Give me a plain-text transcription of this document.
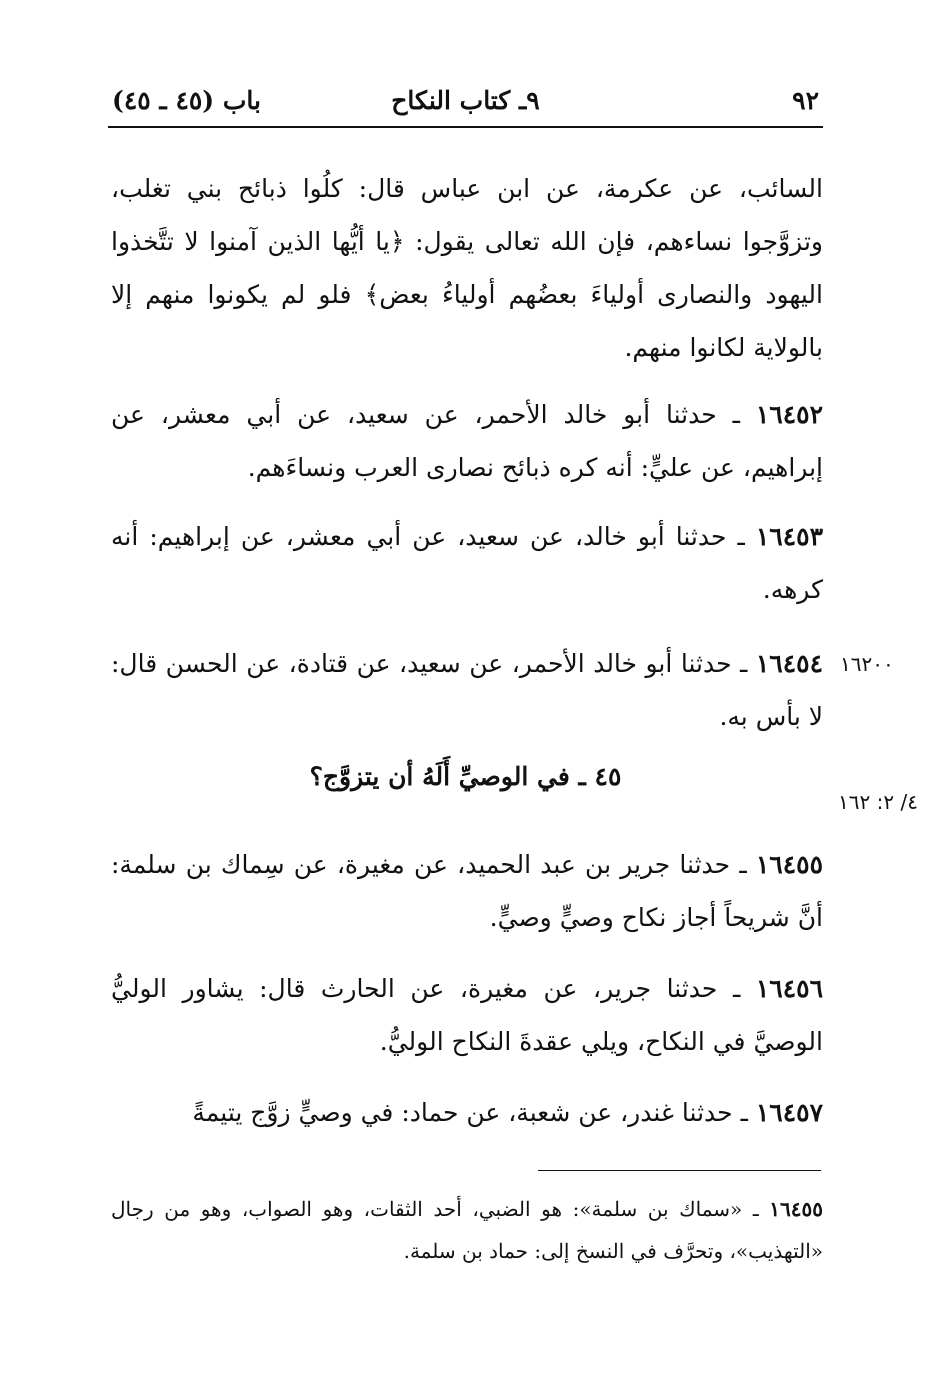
٩٢
٩ـ كتاب النكاح
باب (٤٥ ـ ٤٥)
السائب، عن عكرمة، عن ابن عباس قال: كلُوا ذبائح بني تغلب، وتزوَّجوا نساءهم، فإن الله تعالى يقول: ﴿يا أيُّها الذين آمنوا لا تتَّخذوا اليهود والنصارى أولياءَ بعضُهم أولياءُ بعض﴾ فلو لم يكونوا منهم إلا بالولاية لكانوا منهم.
١٦٤٥٢ ـ حدثنا أبو خالد الأحمر، عن سعيد، عن أبي معشر، عن إبراهيم، عن عليٍّ: أنه كره ذبائح نصارى العرب ونساءَهم.
١٦٤٥٣ ـ حدثنا أبو خالد، عن سعيد، عن أبي معشر، عن إبراهيم: أنه كرهه.
١٦٢٠٠
١٦٤٥٤ ـ حدثنا أبو خالد الأحمر، عن سعيد، عن قتادة، عن الحسن قال: لا بأس به.
٤/ ٢: ١٦٢
٤٥ ـ في الوصيِّ أَلَهُ أن يتزوَّج؟
١٦٤٥٥ ـ حدثنا جرير بن عبد الحميد، عن مغيرة، عن سِماك بن سلمة: أنَّ شريحاً أجاز نكاح وصيٍّ وصيٍّ.
١٦٤٥٦ ـ حدثنا جرير، عن مغيرة، عن الحارث قال: يشاور الوليُّ الوصيَّ في النكاح، ويلي عقدةَ النكاح الوليُّ.
١٦٤٥٧ ـ حدثنا غندر، عن شعبة، عن حماد: في وصيٍّ زوَّج يتيمةً
١٦٤٥٥ ـ «سماك بن سلمة»: هو الضبي، أحد الثقات، وهو الصواب، وهو من رجال «التهذيب»، وتحرَّف في النسخ إلى: حماد بن سلمة.
